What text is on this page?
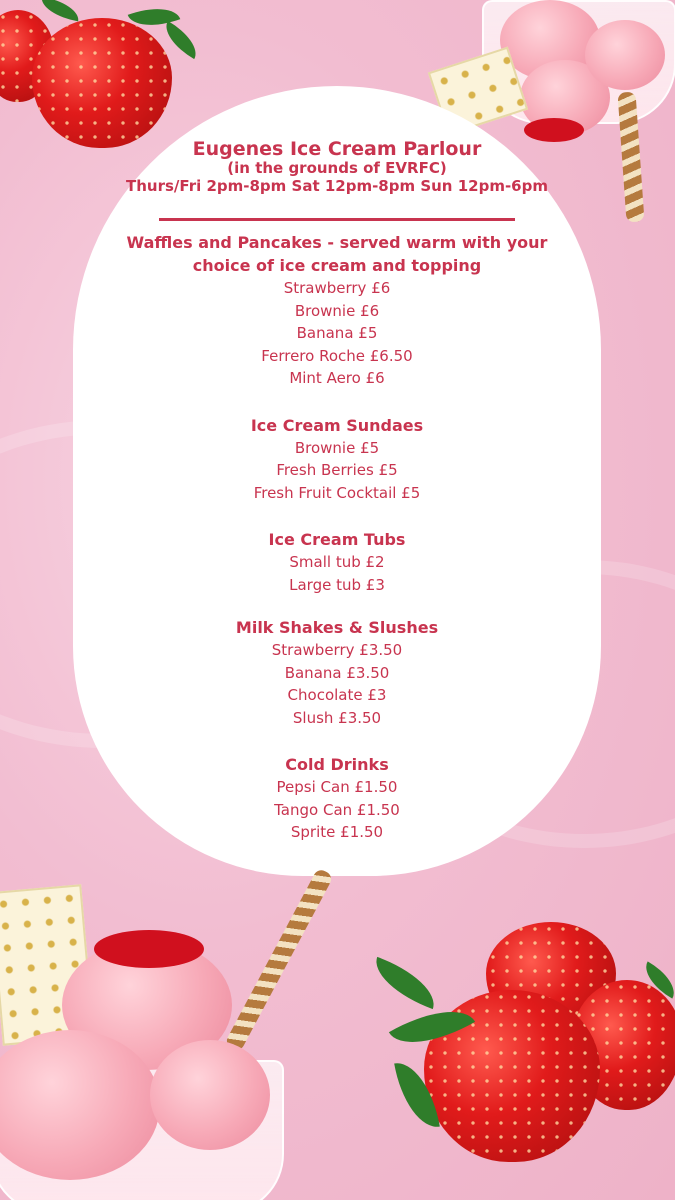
Eugenes Ice Cream Parlour

(in the grounds of EVRFC)

Thurs/Fri 2pm-8pm Sat 12pm-8pm Sun 12pm-6pm

Waffles and Pancakes - served warm with your

choice of ice cream and topping

Strawberry £6

Brownie £6

Banana £5

Ferrero Roche £6.50

Mint Aero £6

Ice Cream Sundaes

Brownie £5

Fresh Berries £5

Fresh Fruit Cocktail £5

Ice Cream Tubs

Small tub £2

Large tub £3

Milk Shakes & Slushes

Strawberry £3.50

Banana £3.50

Chocolate £3

Slush £3.50

Cold Drinks

Pepsi Can £1.50

Tango Can £1.50

Sprite £1.50
